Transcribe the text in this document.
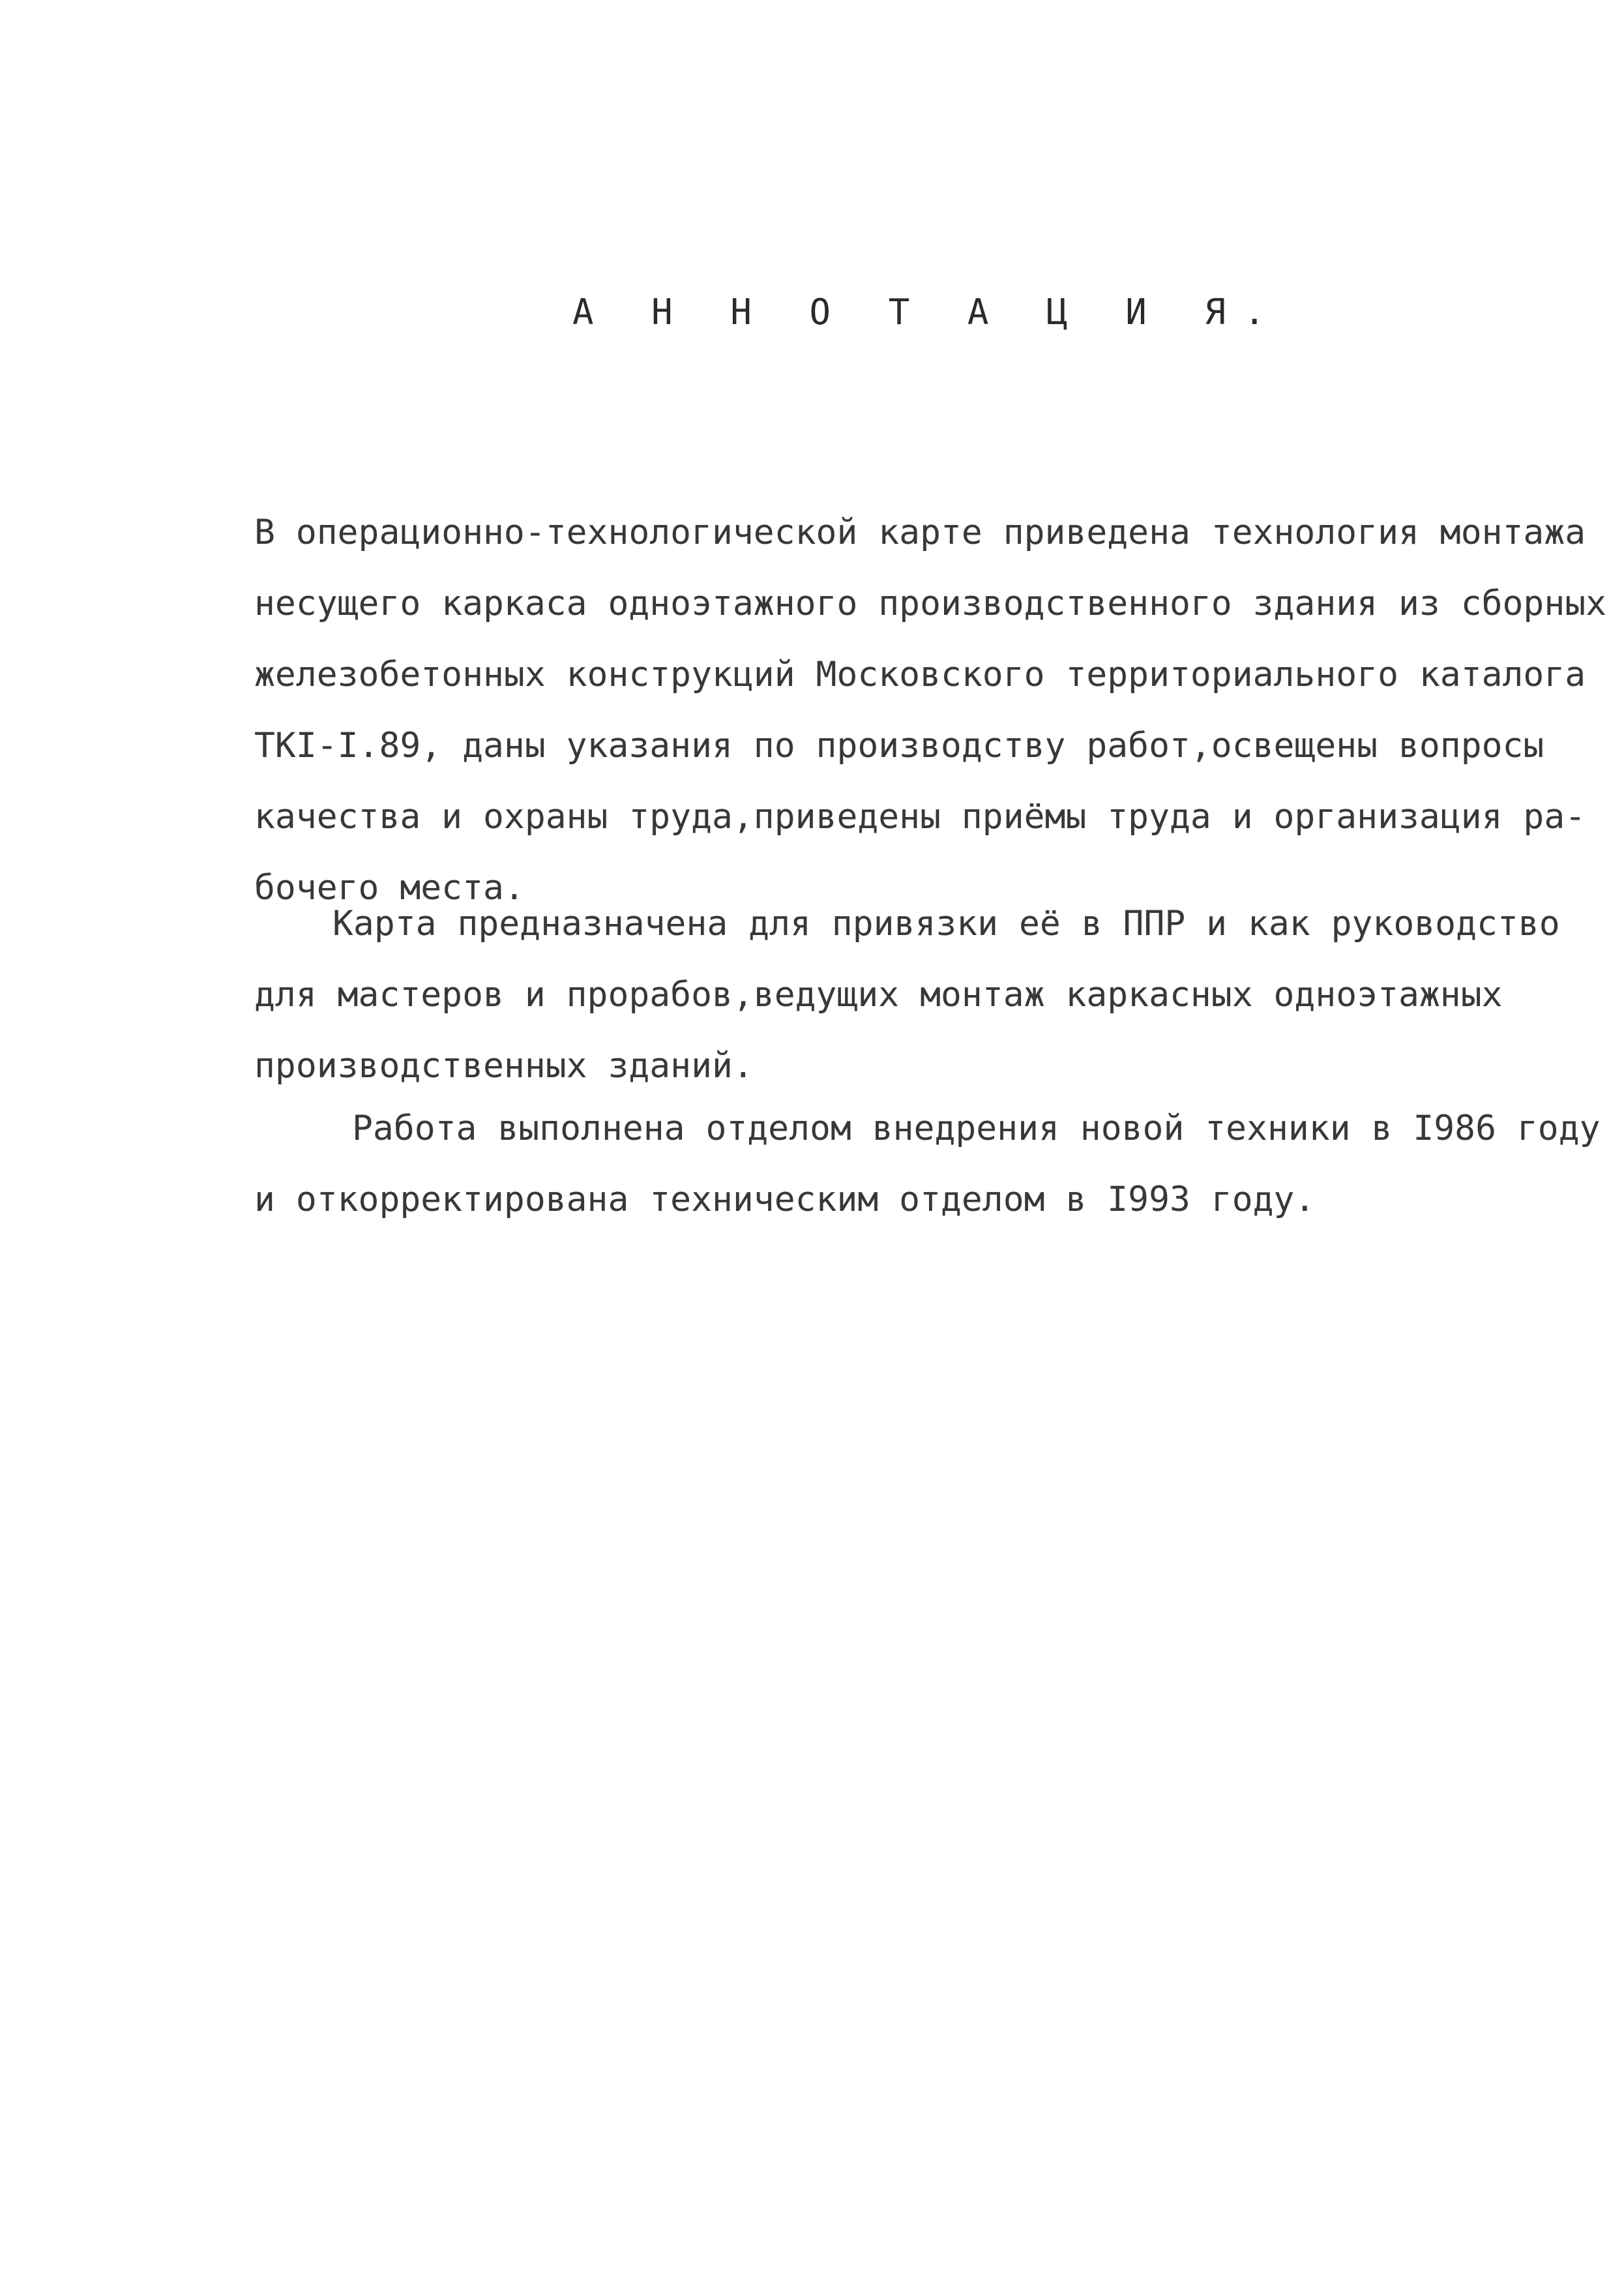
А Н Н О Т А Ц И Я.
В операционно-технологической карте приведена технология монтажа
несущего каркаса одноэтажного производственного здания из сборных
железобетонных конструкций Московского территориального каталога
ТКI-I.89, даны указания по производству работ,освещены вопросы
качества и охраны труда,приведены приёмы труда и организация ра-
бочего места.
Карта предназначена для привязки её в ППР и как руководство
для мастеров и прорабов,ведущих монтаж каркасных одноэтажных
производственных зданий.
Работа выполнена отделом внедрения новой техники в I986 году
и откорректирована техническим отделом в I993 году.
